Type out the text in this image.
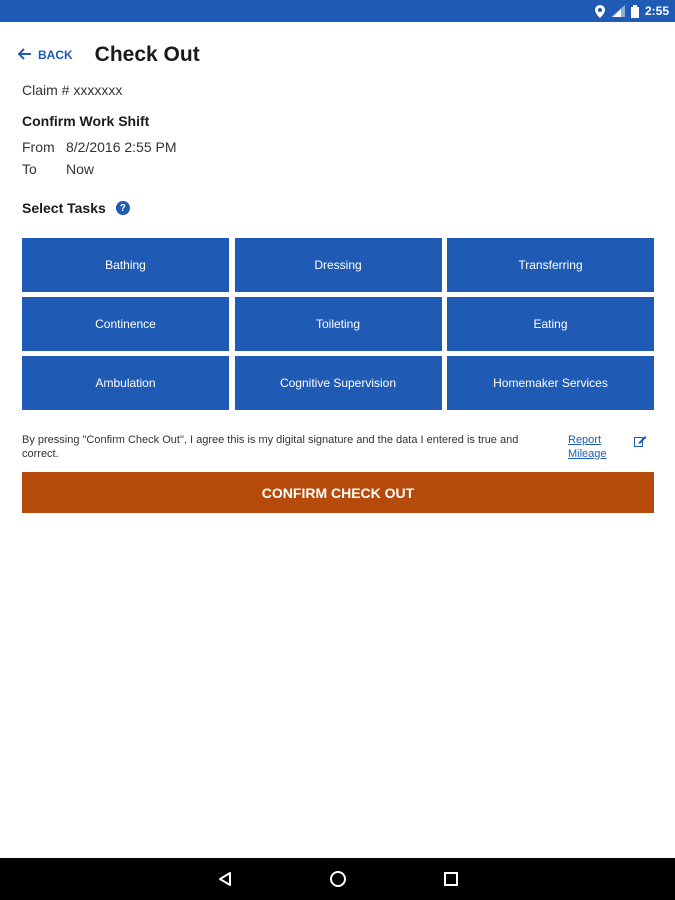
2:55
BACK Check Out
Claim # xxxxxxx
Confirm Work Shift
From 8/2/2016 2:55 PM
To	Now
Select Tasks	?
Bathing	Dressing	Transferring
Continence	Toileting	Eating
Ambulation	Cognitive Supervision	Homemaker Services
By pressing "Confirm Check Out", I agree this is my digital signature and the data I entered is true and correct.
Report Mileage
CONFIRM CHECK OUT
